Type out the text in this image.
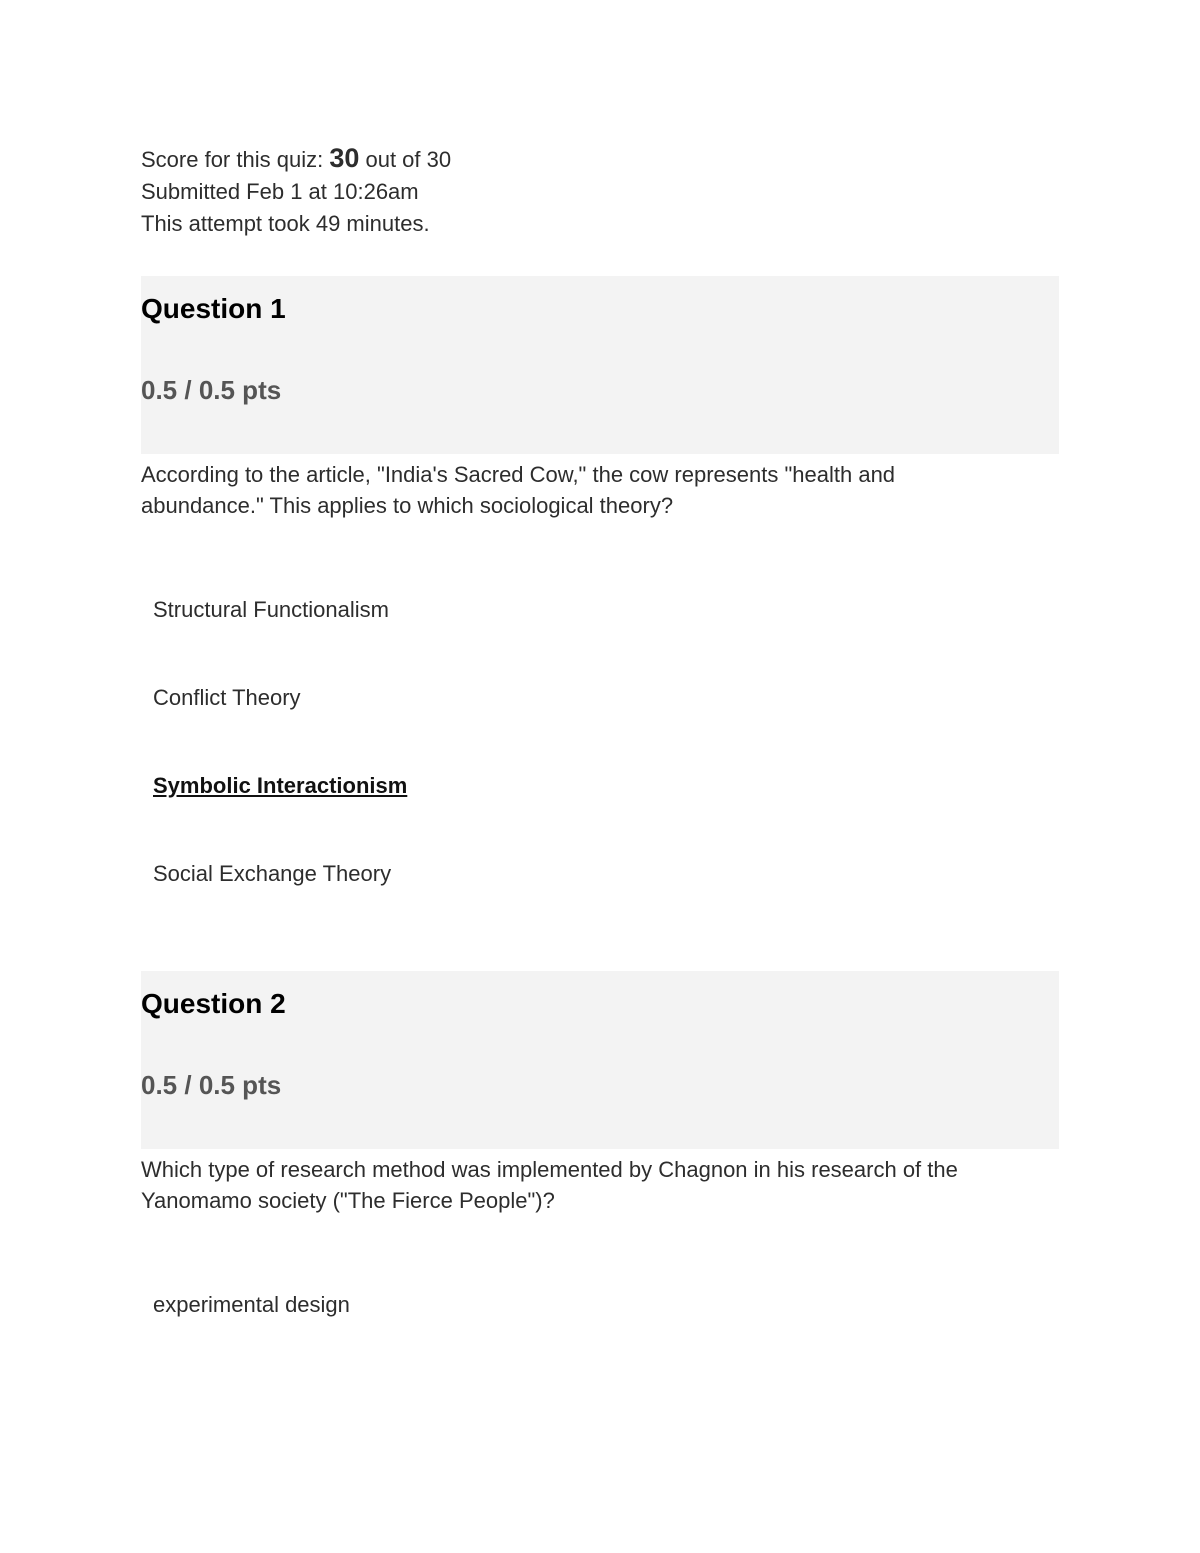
Score for this quiz: 30 out of 30
Submitted Feb 1 at 10:26am
This attempt took 49 minutes.
Question 1
0.5 / 0.5 pts
According to the article, "India's Sacred Cow," the cow represents "health and abundance." This applies to which sociological theory?
Structural Functionalism
Conflict Theory
Symbolic Interactionism
Social Exchange Theory
Question 2
0.5 / 0.5 pts
Which type of research method was implemented by Chagnon in his research of the Yanomamo society ("The Fierce People")?
experimental design
